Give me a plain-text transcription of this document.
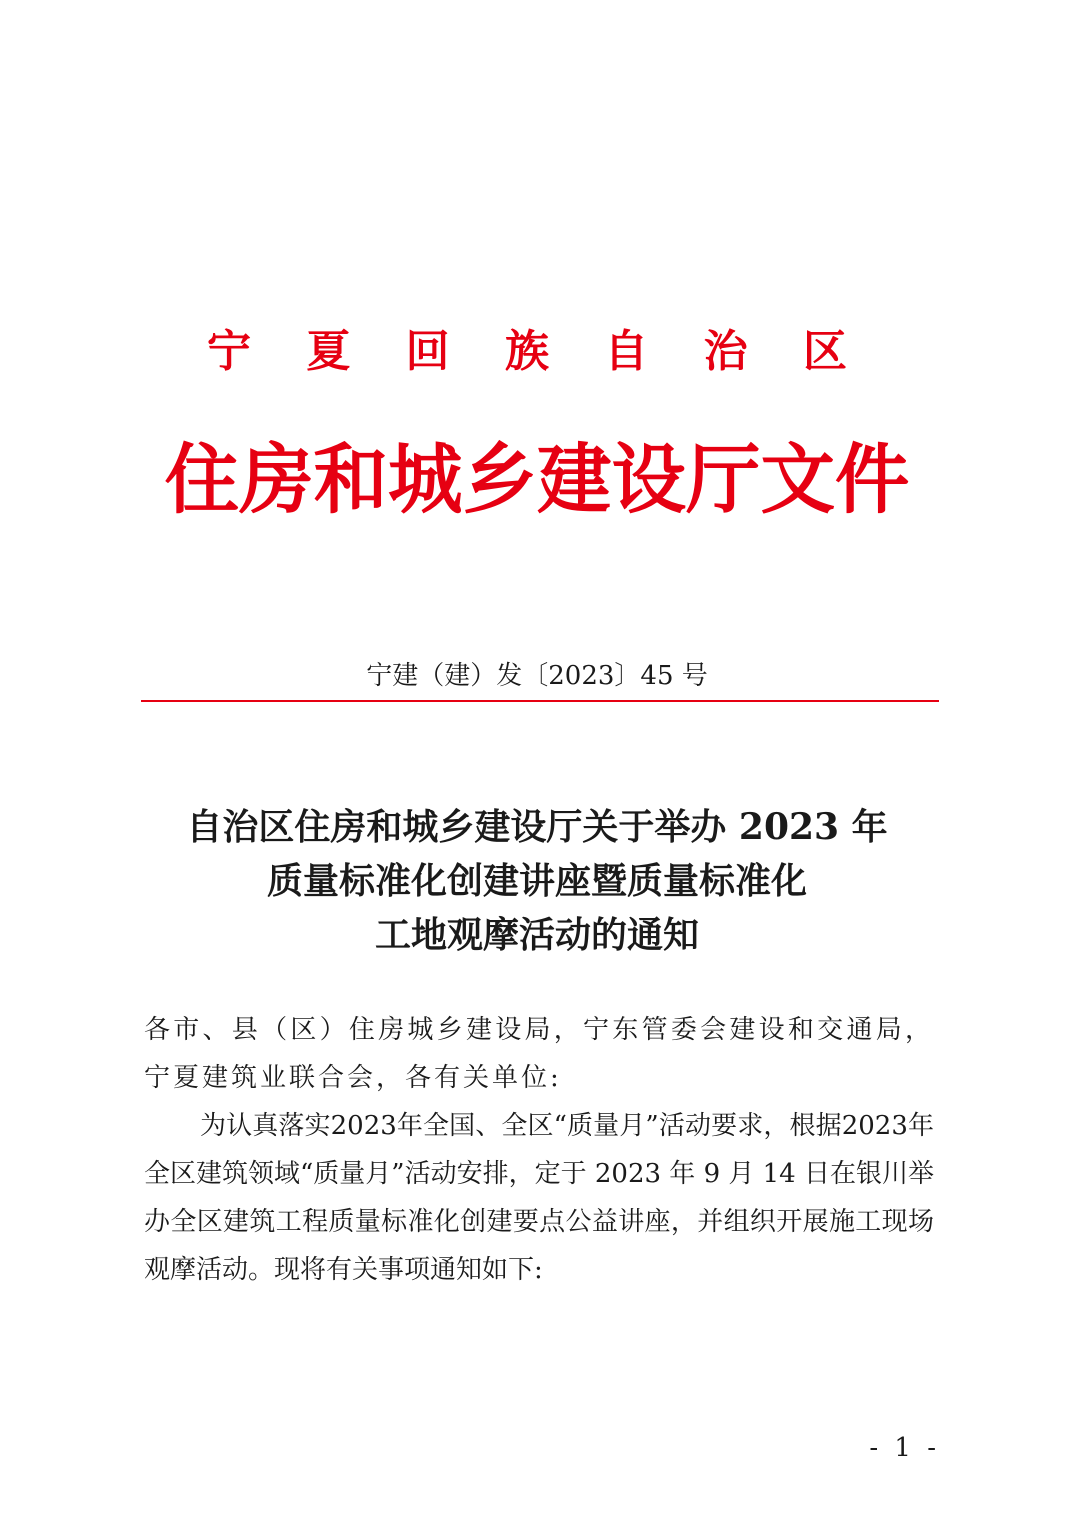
宁 夏 回 族 自 治 区
住房和城乡建设厅文件
宁建（建）发〔2023〕45 号
自治区住房和城乡建设厅关于举办 2023 年
质量标准化创建讲座暨质量标准化
工地观摩活动的通知

各市、县（区）住房城乡建设局，宁东管委会建设和交通局，宁夏建筑业联合会，各有关单位:

为认真落实2023年全国、全区“质量月”活动要求，根据2023年全区建筑领域“质量月”活动安排，定于 2023 年 9 月 14 日在银川举办全区建筑工程质量标准化创建要点公益讲座，并组织开展施工现场观摩活动。现将有关事项通知如下:

- 1 -
